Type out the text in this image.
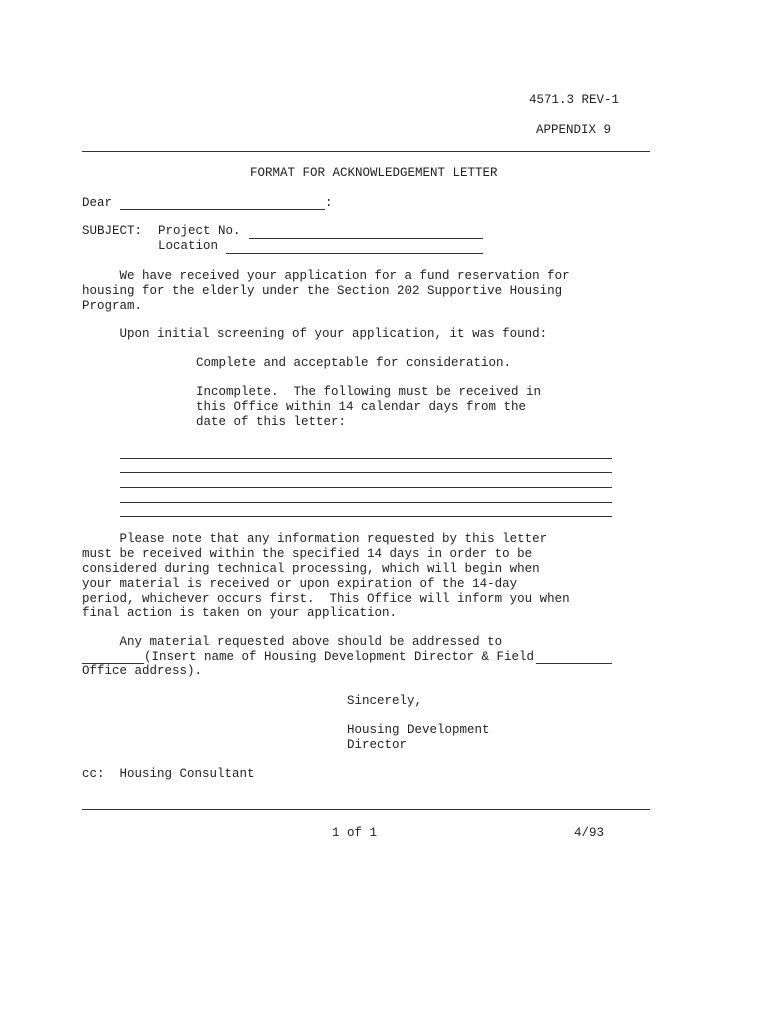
4571.3 REV-1
APPENDIX 9
FORMAT FOR ACKNOWLEDGEMENT LETTER
Dear	:
SUBJECT: Project No.
Location
We have received your application for a fund reservation for
housing for the elderly under the Section 202 Supportive Housing
Program.
Upon initial screening of your application, it was found:
Complete and acceptable for consideration.
Incomplete.  The following must be received in
this Office within 14 calendar days from the
date of this letter:
Please note that any information requested by this letter
must be received within the specified 14 days in order to be
considered during technical processing, which will begin when
your material is received or upon expiration of the 14-day
period, whichever occurs first.  This Office will inform you when
final action is taken on your application.
Any material requested above should be addressed to
(Insert name of Housing Development Director & Field
Office address).
Sincerely,
Housing Development
Director
cc:  Housing Consultant
1 of 1	4/93
